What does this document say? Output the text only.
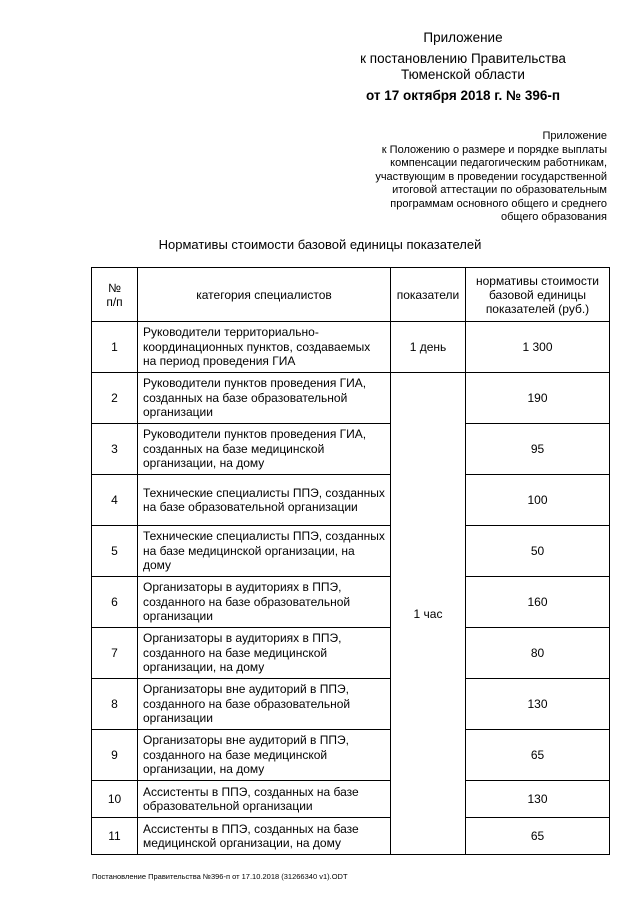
Приложение
к постановлению Правительства
Тюменской области
от 17 октября 2018 г. № 396-п
Приложение
к Положению о размере и порядке выплаты
компенсации педагогическим работникам,
участвующим в проведении государственной
итоговой аттестации по образовательным
программам основного общего и среднего
общего образования
Нормативы стоимости базовой единицы показателей
№ п/п	категория специалистов	показатели	нормативы стоимости базовой единицы показателей (руб.)
1	Руководители территориально-координационных пунктов, создаваемых на период проведения ГИА	1 день	1 300
2	Руководители пунктов проведения ГИА, созданных на базе образовательной организации	1 час	190
3	Руководители пунктов проведения ГИА, созданных на базе медицинской организации, на дому		95
4	Технические специалисты ППЭ, созданных на базе образовательной организации		100
5	Технические специалисты ППЭ, созданных на базе медицинской организации, на дому		50
6	Организаторы в аудиториях в ППЭ, созданного на базе образовательной организации		160
7	Организаторы в аудиториях в ППЭ, созданного на базе медицинской организации, на дому		80
8	Организаторы вне аудиторий в ППЭ, созданного на базе образовательной организации		130
9	Организаторы вне аудиторий в ППЭ, созданного на базе медицинской организации, на дому		65
10	Ассистенты в ППЭ, созданных на базе образовательной организации		130
11	Ассистенты в ППЭ, созданных на базе медицинской организации, на дому		65
Постановление Правительства №396-п от 17.10.2018 (31266340 v1).ODT
